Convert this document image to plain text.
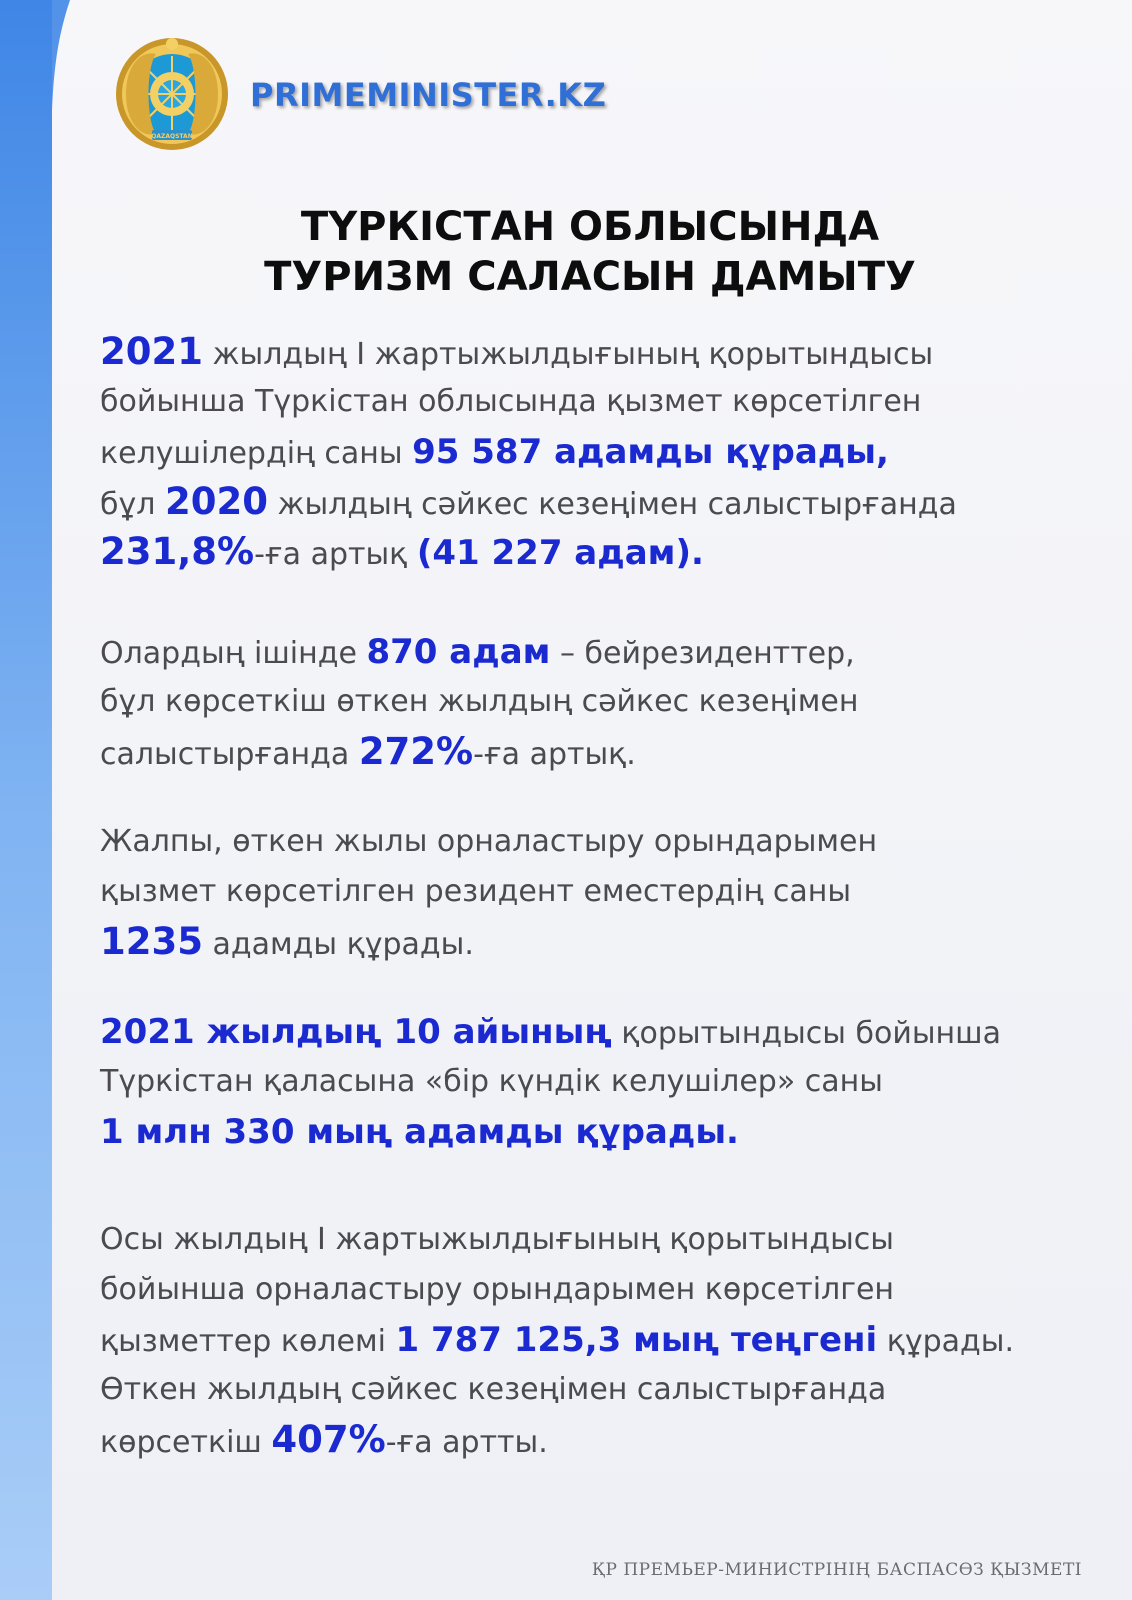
QAZAQSTAN
PRIMEMINISTER.KZ
ТҮРКІСТАН ОБЛЫСЫНДА
ТУРИЗМ САЛАСЫН ДАМЫТУ
2021 жылдың І жартыжылдығының қорытындысы
бойынша Түркістан облысында қызмет көрсетілген
келушілердің саны 95 587 адамды құрады,
бұл 2020 жылдың сәйкес кезеңімен салыстырғанда
231,8%-ға артық (41 227 адам).
Олардың ішінде 870 адам – бейрезиденттер,
бұл көрсеткіш өткен жылдың сәйкес кезеңімен
салыстырғанда 272%-ға артық.
Жалпы, өткен жылы орналастыру орындарымен
қызмет көрсетілген резидент еместердің саны
1235 адамды құрады.
2021 жылдың 10 айының қорытындысы бойынша
Түркістан қаласына «бір күндік келушілер» саны
1 млн 330 мың адамды құрады.
Осы жылдың І жартыжылдығының қорытындысы
бойынша орналастыру орындарымен көрсетілген
қызметтер көлемі 1 787 125,3 мың теңгені құрады.
Өткен жылдың сәйкес кезеңімен салыстырғанда
көрсеткіш 407%-ға артты.
ҚР ПРЕМЬЕР-МИНИСТРІНІҢ БАСПАСӨЗ ҚЫЗМЕТІ
